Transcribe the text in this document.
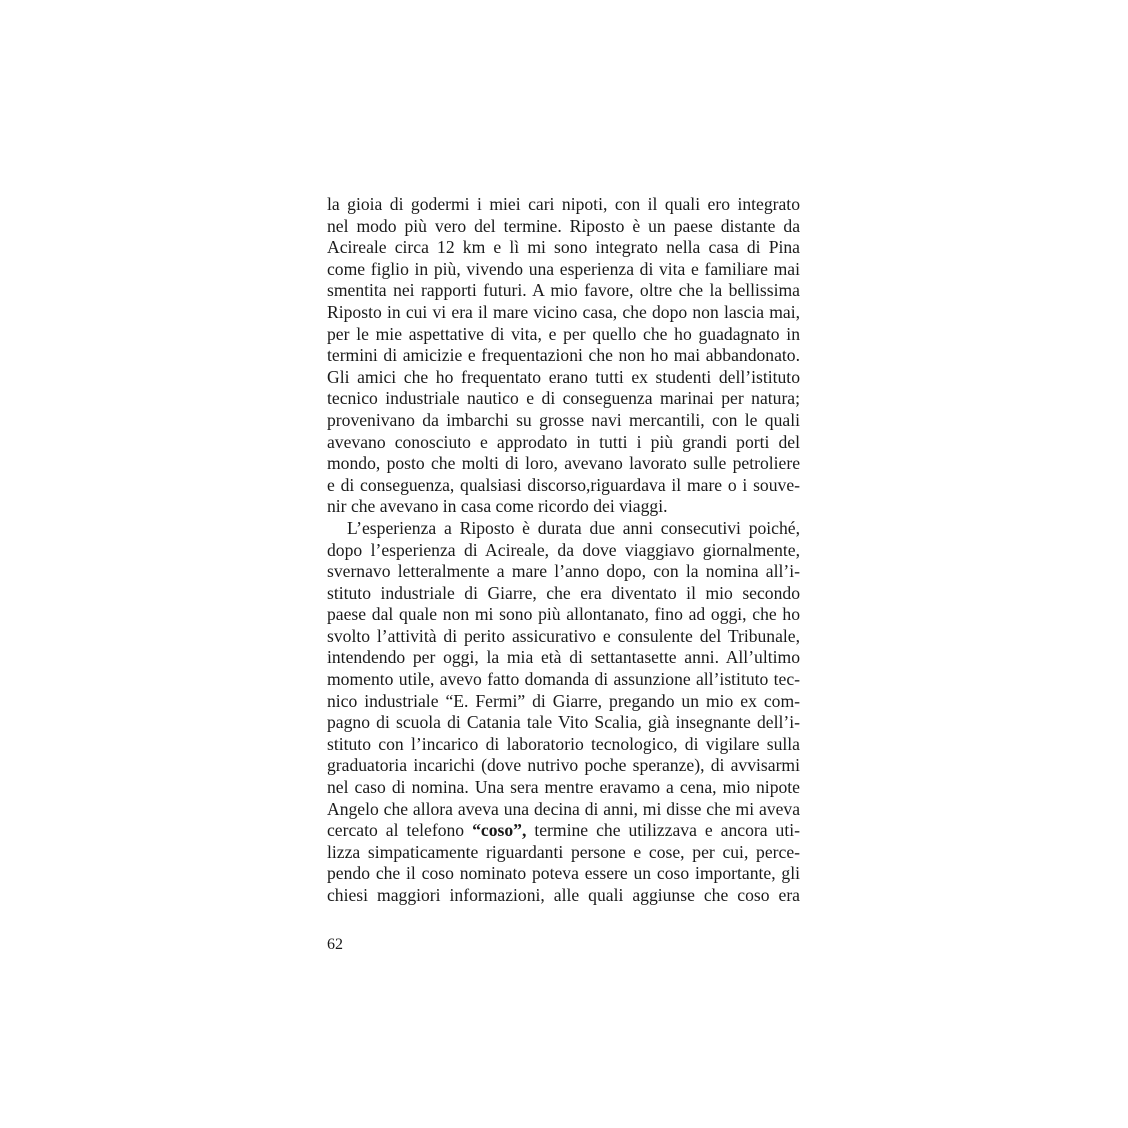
la gioia di godermi i miei cari nipoti, con il quali ero integrato
nel modo più vero del termine. Riposto è un paese distante da
Acireale circa 12 km e lì mi sono integrato nella casa di Pina
come figlio in più, vivendo una esperienza di vita e familiare mai
smentita nei rapporti futuri. A mio favore, oltre che la bellissima
Riposto in cui vi era il mare vicino casa, che dopo non lascia mai,
per le mie aspettative di vita, e per quello che ho guadagnato in
termini di amicizie e frequentazioni che non ho mai abbandonato.
Gli amici che ho frequentato erano tutti ex studenti dell’istituto
tecnico industriale nautico e di conseguenza marinai per natura;
provenivano da imbarchi su grosse navi mercantili, con le quali
avevano conosciuto e approdato in tutti i più grandi porti del
mondo, posto che molti di loro, avevano lavorato sulle petroliere
e di conseguenza, qualsiasi discorso,riguardava il mare o i souve-
nir che avevano in casa come ricordo dei viaggi.
L’esperienza a Riposto è durata due anni consecutivi poiché,
dopo l’esperienza di Acireale, da dove viaggiavo giornalmente,
svernavo letteralmente a mare l’anno dopo, con la nomina all’i-
stituto industriale di Giarre, che era diventato il mio secondo
paese dal quale non mi sono più allontanato, fino ad oggi, che ho
svolto l’attività di perito assicurativo e consulente del Tribunale,
intendendo per oggi, la mia età di settantasette anni. All’ultimo
momento utile, avevo fatto domanda di assunzione all’istituto tec-
nico industriale “E. Fermi” di Giarre, pregando un mio ex com-
pagno di scuola di Catania tale Vito Scalia, già insegnante dell’i-
stituto con l’incarico di laboratorio tecnologico, di vigilare sulla
graduatoria incarichi (dove nutrivo poche speranze), di avvisarmi
nel caso di nomina. Una sera mentre eravamo a cena, mio nipote
Angelo che allora aveva una decina di anni, mi disse che mi aveva
cercato al telefono “coso”, termine che utilizzava e ancora uti-
lizza simpaticamente riguardanti persone e cose, per cui, perce-
pendo che il coso nominato poteva essere un coso importante, gli
chiesi maggiori informazioni, alle quali aggiunse che coso era
62
